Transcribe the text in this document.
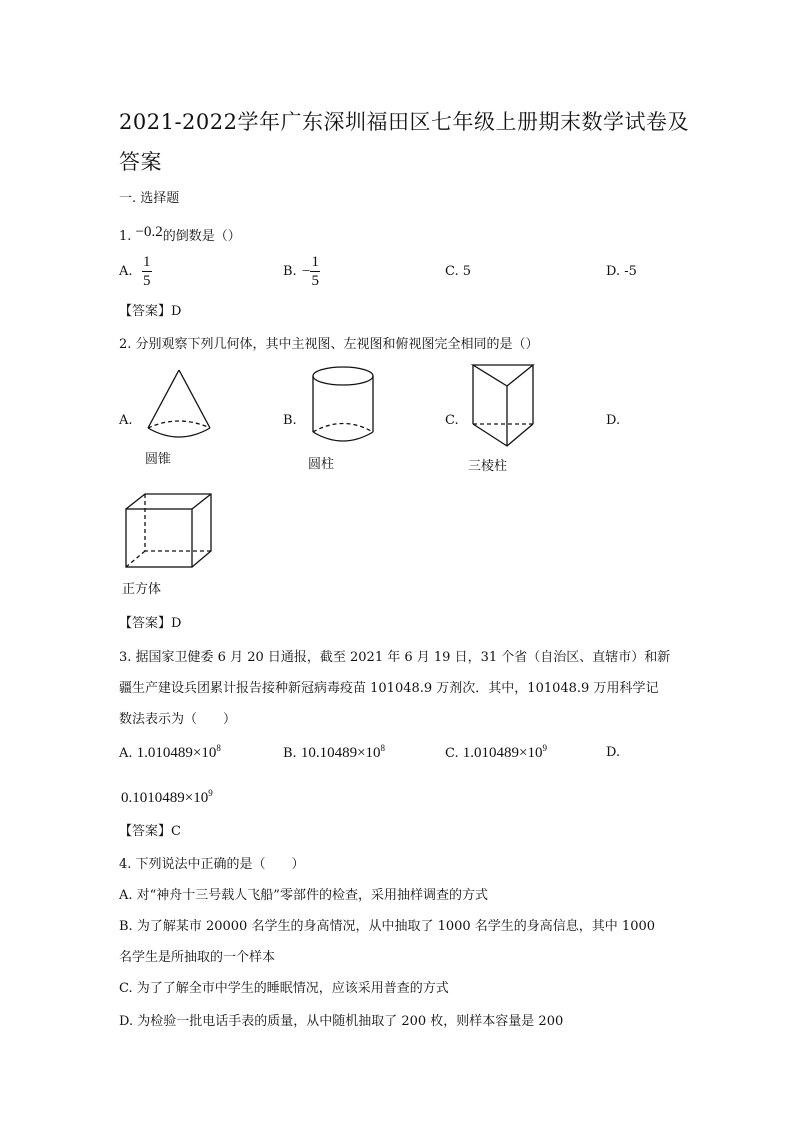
2021-2022学年广东深圳福田区七年级上册期末数学试卷及
答案
一. 选择题
1. −0.2的倒数是（）
A. $\frac{1}{5}$	B. − $\frac{1}{5}$	C. 5	D. -5
【答案】D
2. 分别观察下列几何体，其中主视图、左视图和俯视图完全相同的是（）
A.
圆锥
B.
圆柱
C.
三棱柱
D.
正方体
【答案】D
3. 据国家卫健委 6 月 20 日通报，截至 2021 年 6 月 19 日，31 个省（自治区、直辖市）和新
疆生产建设兵团累计报告接种新冠病毒疫苗 101048.9 万剂次．其中，101048.9 万用科学记
数法表示为（　　）
A. $1.010489\times 10^8$	B. $10.10489\times 10^8$	C. $1.010489\times 10^9$	D.
$0.1010489\times 10^9$
【答案】C
4. 下列说法中正确的是（　　）
A. 对“神舟十三号载人飞船”零部件的检查，采用抽样调查的方式
B. 为了解某市 20000 名学生的身高情况，从中抽取了 1000 名学生的身高信息，其中 1000
名学生是所抽取的一个样本
C. 为了了解全市中学生的睡眠情况，应该采用普查的方式
D. 为检验一批电话手表的质量，从中随机抽取了 200 枚，则样本容量是 200
